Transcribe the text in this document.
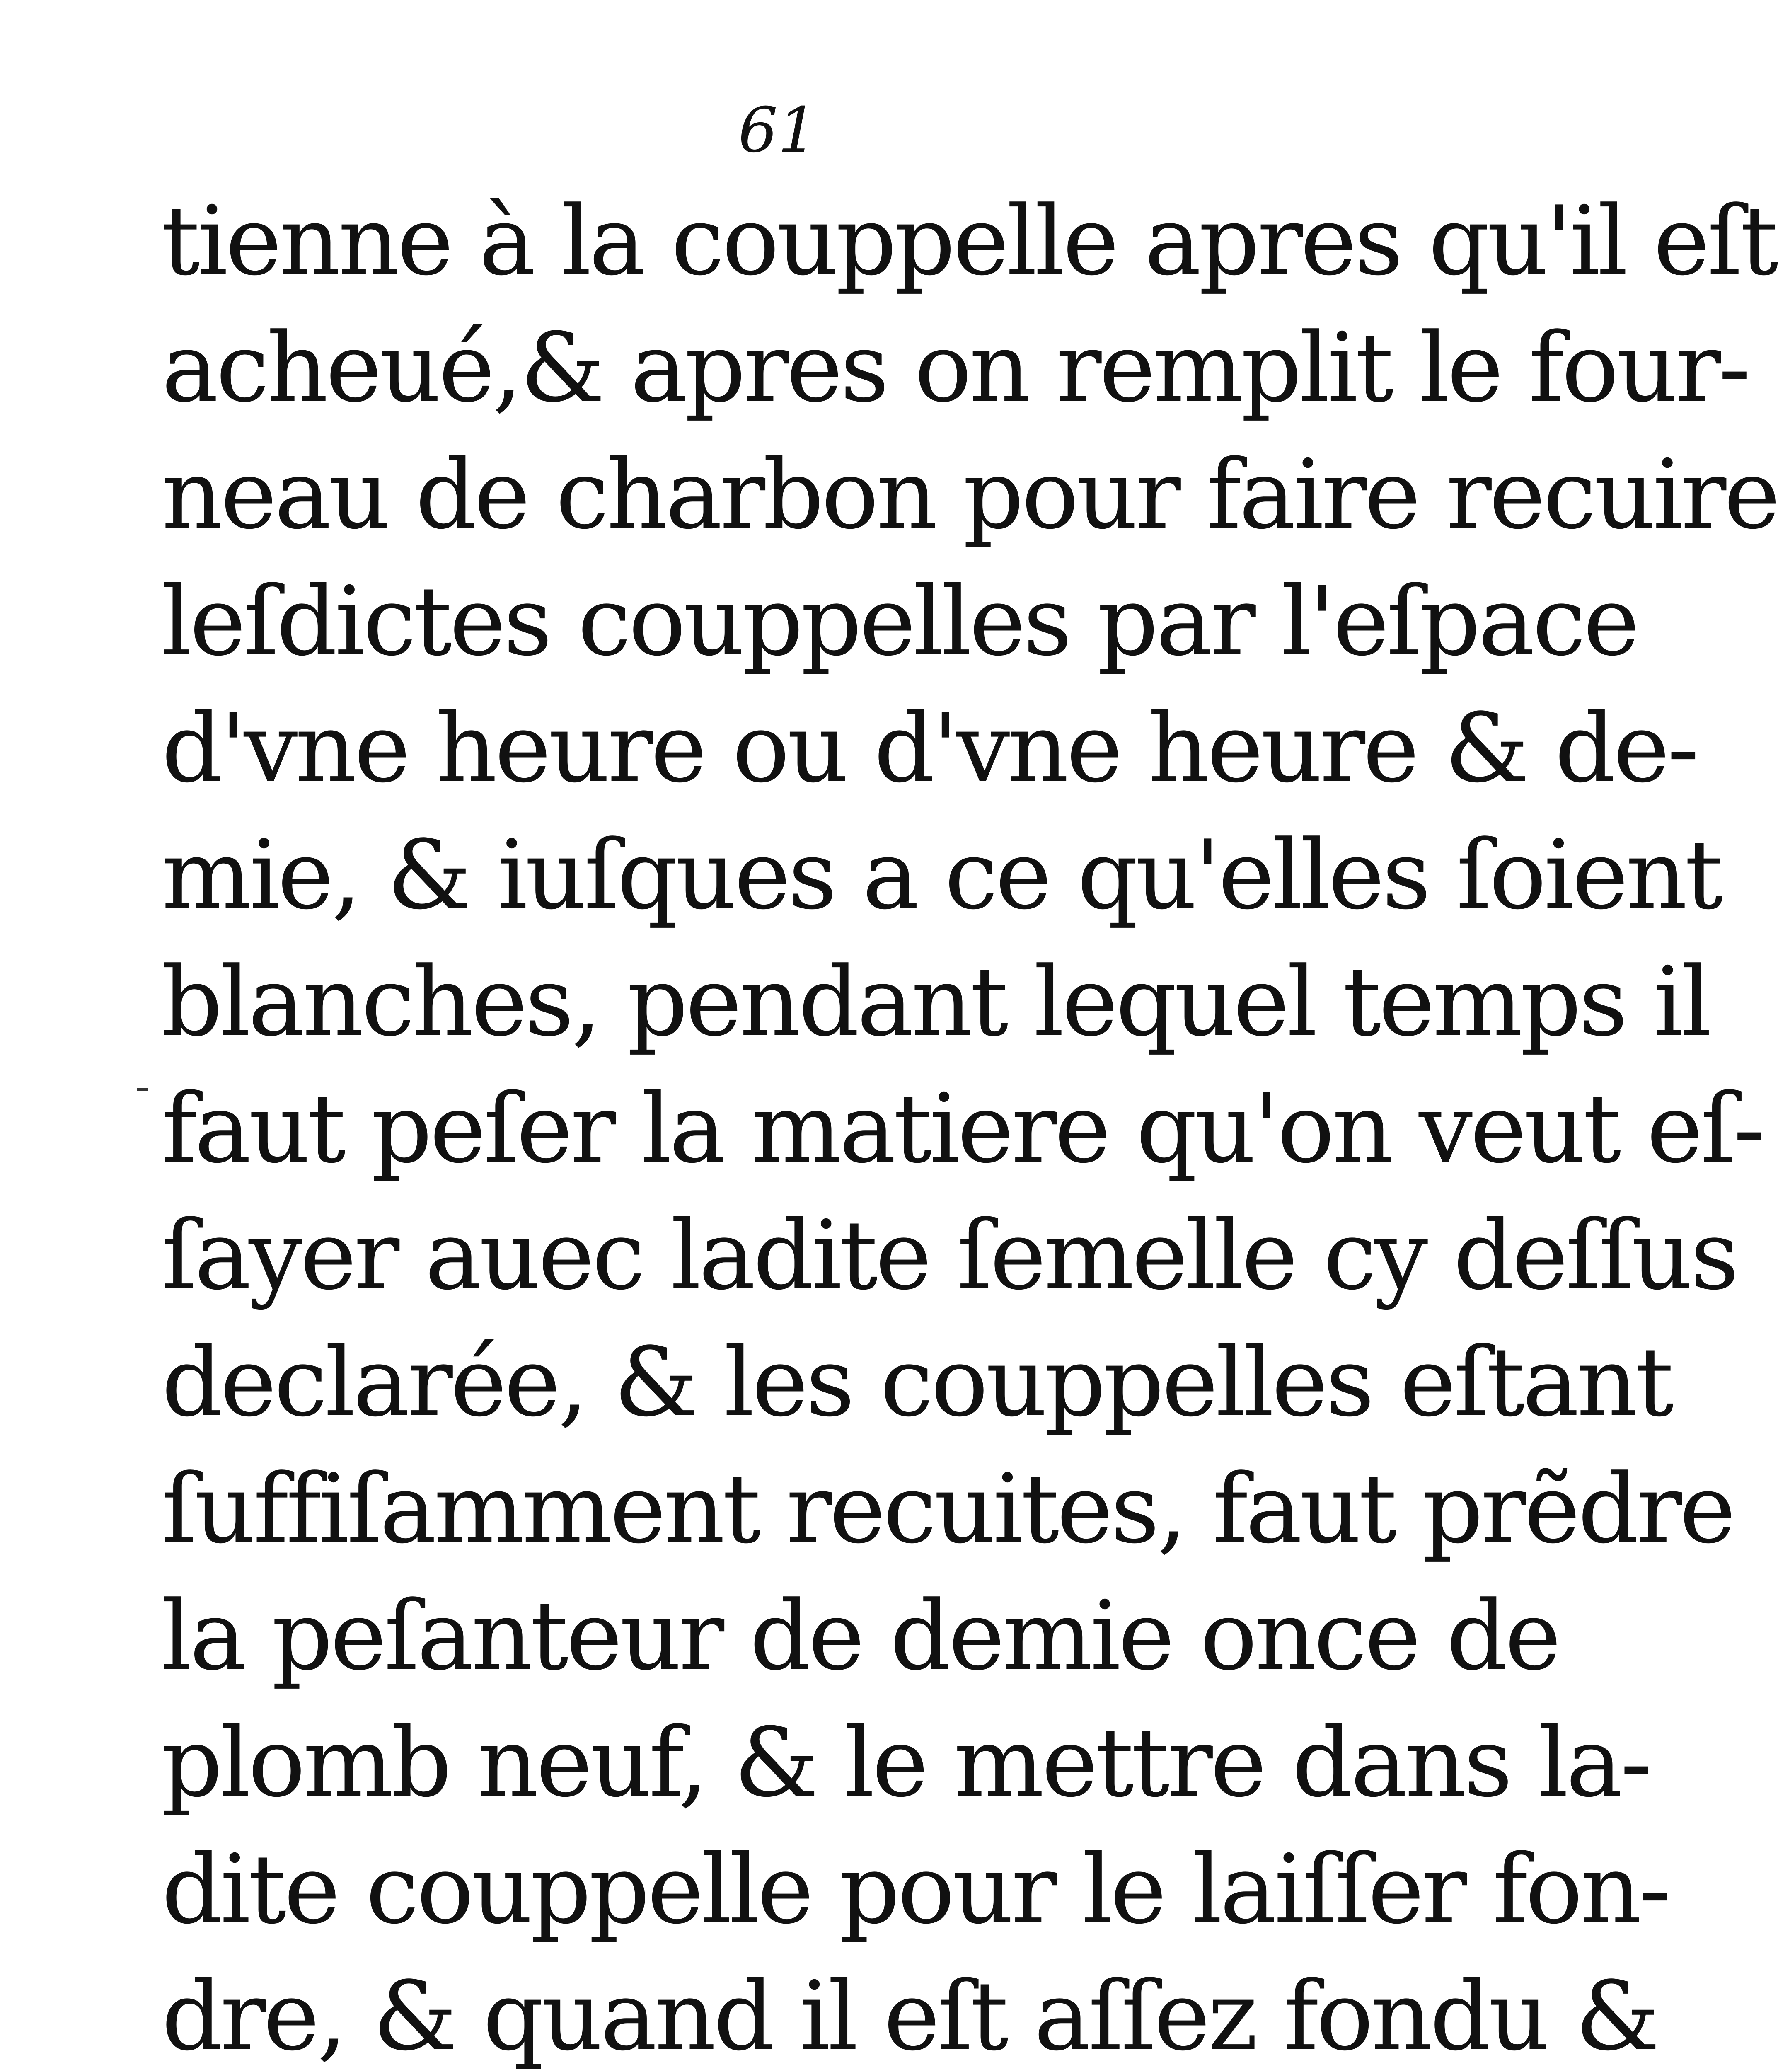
61
tienne à la couppelle apres qu'il eſt
acheué,& apres on remplit le four-
neau de charbon pour faire recuire
leſdictes couppelles par l'eſpace
d'vne heure ou d'vne heure & de-
mie, & iuſques a ce qu'elles ſoient
blanches, pendant lequel temps il
faut peſer la matiere qu'on veut eſ-
ſayer auec ladite ſemelle cy deſſus
declarée, & les couppelles eſtant
ſuffiſamment recuites, faut prẽdre
la peſanteur de demie once de
plomb neuf, & le mettre dans la-
dite couppelle pour le laiſſer fon-
dre, & quand il eſt aſſez fondu &
